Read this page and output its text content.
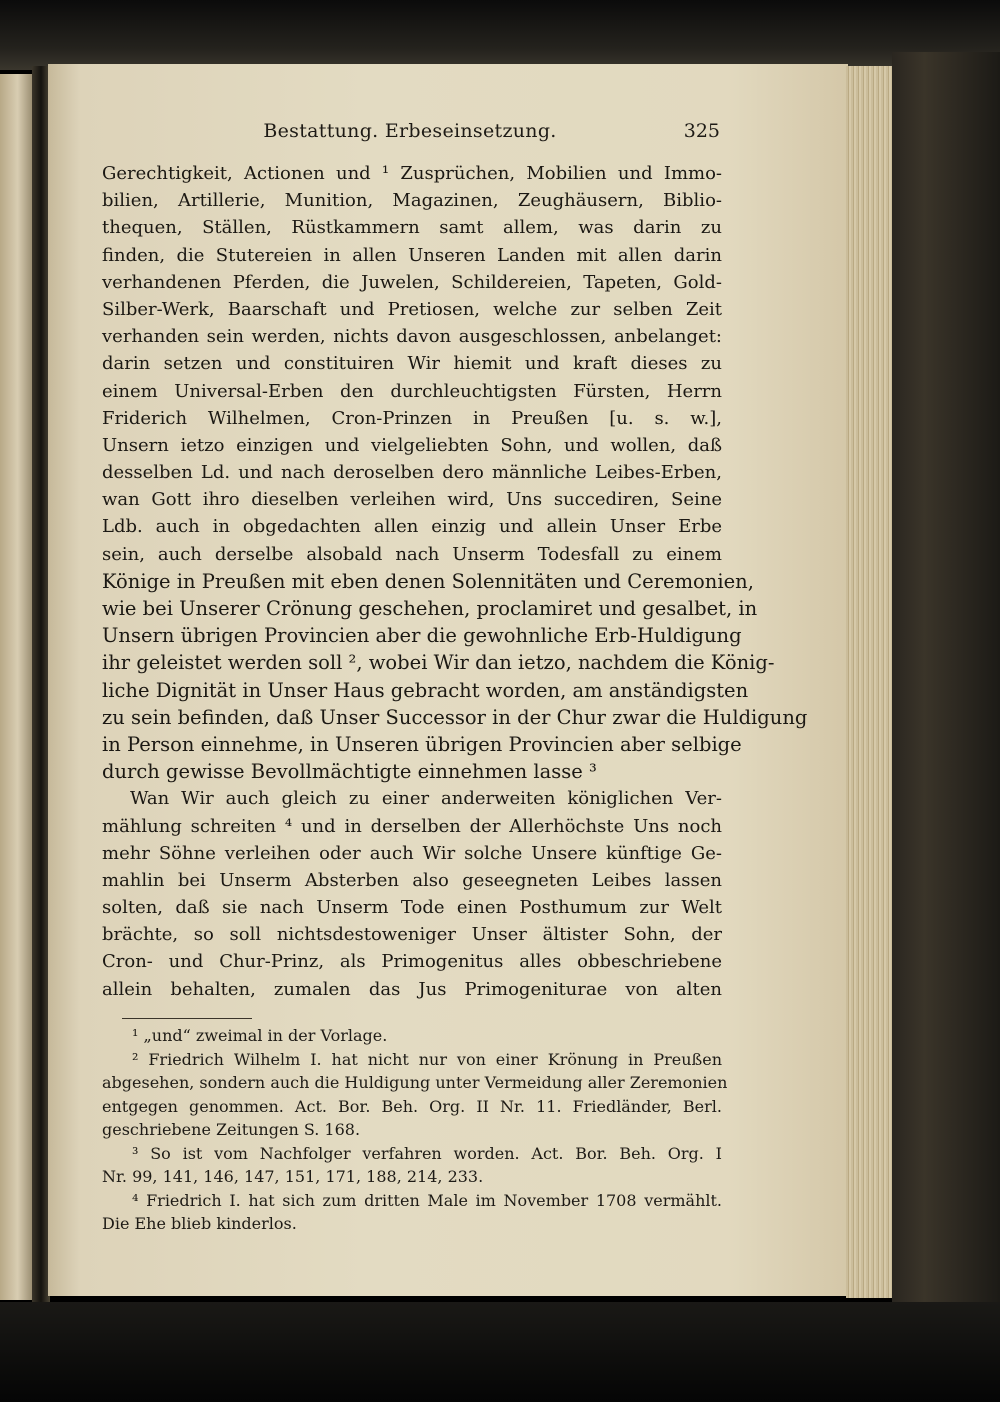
Bestattung. Erbeseinsetzung.	325
Gerechtigkeit, Actionen und ¹ Zusprüchen, Mobilien und Immo-
bilien, Artillerie, Munition, Magazinen, Zeughäusern, Biblio-
thequen, Ställen, Rüstkammern samt allem, was darin zu
finden, die Stutereien in allen Unseren Landen mit allen darin
verhandenen Pferden, die Juwelen, Schildereien, Tapeten, Gold-
Silber-Werk, Baarschaft und Pretiosen, welche zur selben Zeit
verhanden sein werden, nichts davon ausgeschlossen, anbelanget:
darin setzen und constituiren Wir hiemit und kraft dieses zu
einem Universal-Erben den durchleuchtigsten Fürsten, Herrn
Friderich Wilhelmen, Cron-Prinzen in Preußen [u. s. w.],
Unsern ietzo einzigen und vielgeliebten Sohn, und wollen, daß
desselben Ld. und nach deroselben dero männliche Leibes-Erben,
wan Gott ihro dieselben verleihen wird, Uns succediren, Seine
Ldb. auch in obgedachten allen einzig und allein Unser Erbe
sein, auch derselbe alsobald nach Unserm Todesfall zu einem
Könige in Preußen mit eben denen Solennitäten und Ceremonien,
wie bei Unserer Crönung geschehen, proclamiret und gesalbet, in
Unsern übrigen Provincien aber die gewohnliche Erb-Huldigung
ihr geleistet werden soll ², wobei Wir dan ietzo, nachdem die König-
liche Dignität in Unser Haus gebracht worden, am anständigsten
zu sein befinden, daß Unser Successor in der Chur zwar die Huldigung
in Person einnehme, in Unseren übrigen Provincien aber selbige
durch gewisse Bevollmächtigte einnehmen lasse ³
Wan Wir auch gleich zu einer anderweiten königlichen Ver-
mählung schreiten ⁴ und in derselben der Allerhöchste Uns noch
mehr Söhne verleihen oder auch Wir solche Unsere künftige Ge-
mahlin bei Unserm Absterben also geseegneten Leibes lassen
solten, daß sie nach Unserm Tode einen Posthumum zur Welt
brächte, so soll nichtsdestoweniger Unser ältister Sohn, der
Cron- und Chur-Prinz, als Primogenitus alles obbeschriebene
allein behalten, zumalen das Jus Primogeniturae von alten
¹ „und“ zweimal in der Vorlage.
² Friedrich Wilhelm I. hat nicht nur von einer Krönung in Preußen
abgesehen, sondern auch die Huldigung unter Vermeidung aller Zeremonien
entgegen genommen. Act. Bor. Beh. Org. II Nr. 11. Friedländer, Berl.
geschriebene Zeitungen S. 168.
³ So ist vom Nachfolger verfahren worden. Act. Bor. Beh. Org. I
Nr. 99, 141, 146, 147, 151, 171, 188, 214, 233.
⁴ Friedrich I. hat sich zum dritten Male im November 1708 vermählt.
Die Ehe blieb kinderlos.
